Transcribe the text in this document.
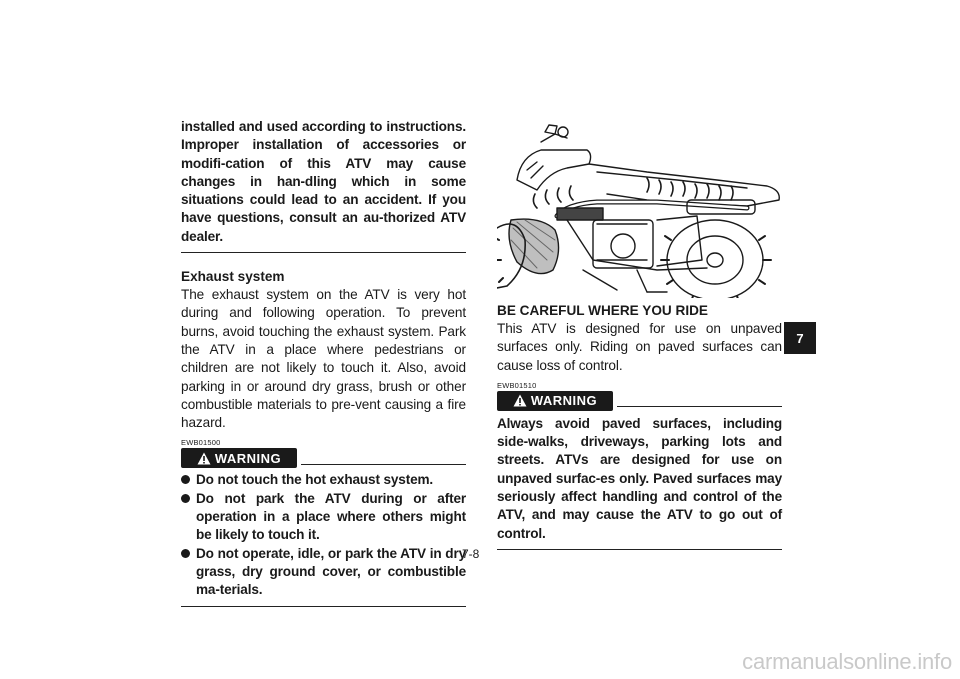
installed and used according to instructions. Improper installation of accessories or modifi-cation of this ATV may cause changes in han-dling which in some situations could lead to an accident. If you have questions, consult an au-thorized ATV dealer.

Exhaust system

The exhaust system on the ATV is very hot during and following operation. To prevent burns, avoid touching the exhaust system. Park the ATV in a place where pedestrians or children are not likely to touch it. Also, avoid parking in or around dry grass, brush or other combustible materials to pre-vent causing a fire hazard.

EWB01500
WARNING
Do not touch the hot exhaust system.
Do not park the ATV during or after operation in a place where others might be likely to touch it.
Do not operate, idle, or park the ATV in dry grass, dry ground cover, or combustible ma-terials.

BE CAREFUL WHERE YOU RIDE

This ATV is designed for use on unpaved surfaces only. Riding on paved surfaces can cause loss of control.

EWB01510
WARNING

Always avoid paved surfaces, including side-walks, driveways, parking lots and streets. ATVs are designed for use on unpaved surfac-es only. Paved surfaces may seriously affect handling and control of the ATV, and may cause the ATV to go out of control.

7
7-8
carmanualsonline.info
